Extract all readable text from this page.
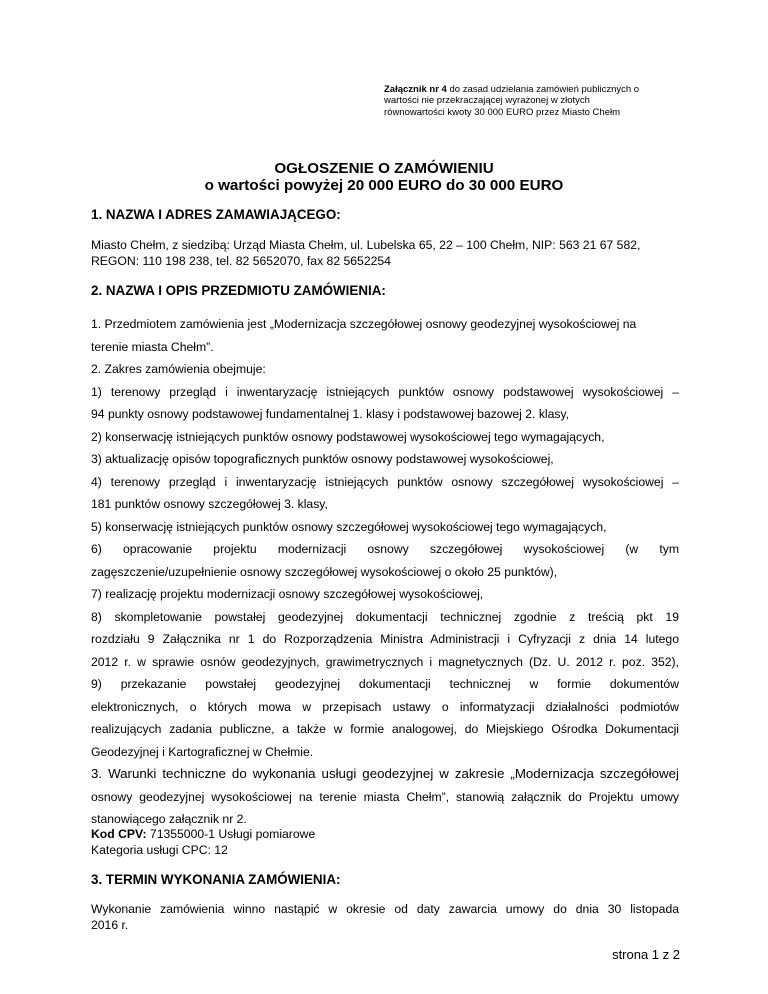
Załącznik nr 4 do zasad udzielania zamówień publicznych o wartości nie przekraczającej wyrażonej w złotych równowartości kwoty 30 000 EURO przez Miasto Chełm
OGŁOSZENIE O ZAMÓWIENIU
o wartości powyżej 20 000 EURO do 30 000 EURO
1. NAZWA I ADRES ZAMAWIAJĄCEGO:
Miasto Chełm, z siedzibą: Urząd Miasta Chełm, ul. Lubelska 65, 22 – 100 Chełm, NIP: 563 21 67 582,
REGON: 110 198 238, tel. 82 5652070, fax 82 5652254
2. NAZWA I OPIS PRZEDMIOTU ZAMÓWIENIA:
1. Przedmiotem zamówienia jest „Modernizacja szczegółowej osnowy geodezyjnej wysokościowej na
terenie miasta Chełm”.
2. Zakres zamówienia obejmuje:
1) terenowy przegląd i inwentaryzację istniejących punktów osnowy podstawowej wysokościowej –
94 punkty osnowy podstawowej fundamentalnej 1. klasy i podstawowej bazowej 2. klasy,
2) konserwację istniejących punktów osnowy podstawowej wysokościowej tego wymagających,
3) aktualizację opisów topograficznych punktów osnowy podstawowej wysokościowej,
4) terenowy przegląd i inwentaryzację istniejących punktów osnowy szczegółowej wysokościowej –
181 punktów osnowy szczegółowej 3. klasy,
5) konserwację istniejących punktów osnowy szczegółowej wysokościowej tego wymagających,
6) opracowanie projektu modernizacji osnowy szczegółowej wysokościowej (w tym
zagęszczenie/uzupełnienie osnowy szczegółowej wysokościowej o około 25 punktów),
7) realizację projektu modernizacji osnowy szczegółowej wysokościowej,
8) skompletowanie powstałej geodezyjnej dokumentacji technicznej zgodnie z treścią pkt 19
rozdziału 9 Załącznika nr 1 do Rozporządzenia Ministra Administracji i Cyfryzacji z dnia 14 lutego
2012 r. w sprawie osnów geodezyjnych, grawimetrycznych i magnetycznych (Dz. U. 2012 r. poz. 352),
9) przekazanie powstałej geodezyjnej dokumentacji technicznej w formie dokumentów
elektronicznych, o których mowa w przepisach ustawy o informatyzacji działalności podmiotów
realizujących zadania publiczne, a także w formie analogowej, do Miejskiego Ośrodka Dokumentacji
Geodezyjnej i Kartograficznej w Chełmie.
3. Warunki techniczne do wykonania usługi geodezyjnej w zakresie „Modernizacja szczegółowej
osnowy geodezyjnej wysokościowej na terenie miasta Chełm”, stanowią załącznik do Projektu umowy
stanowiącego załącznik nr 2.
Kod CPV: 71355000-1 Usługi pomiarowe
Kategoria usługi CPC: 12
3. TERMIN WYKONANIA ZAMÓWIENIA:
Wykonanie zamówienia winno nastąpić w okresie od daty zawarcia umowy do dnia 30 listopada
2016 r.
strona 1 z 2
